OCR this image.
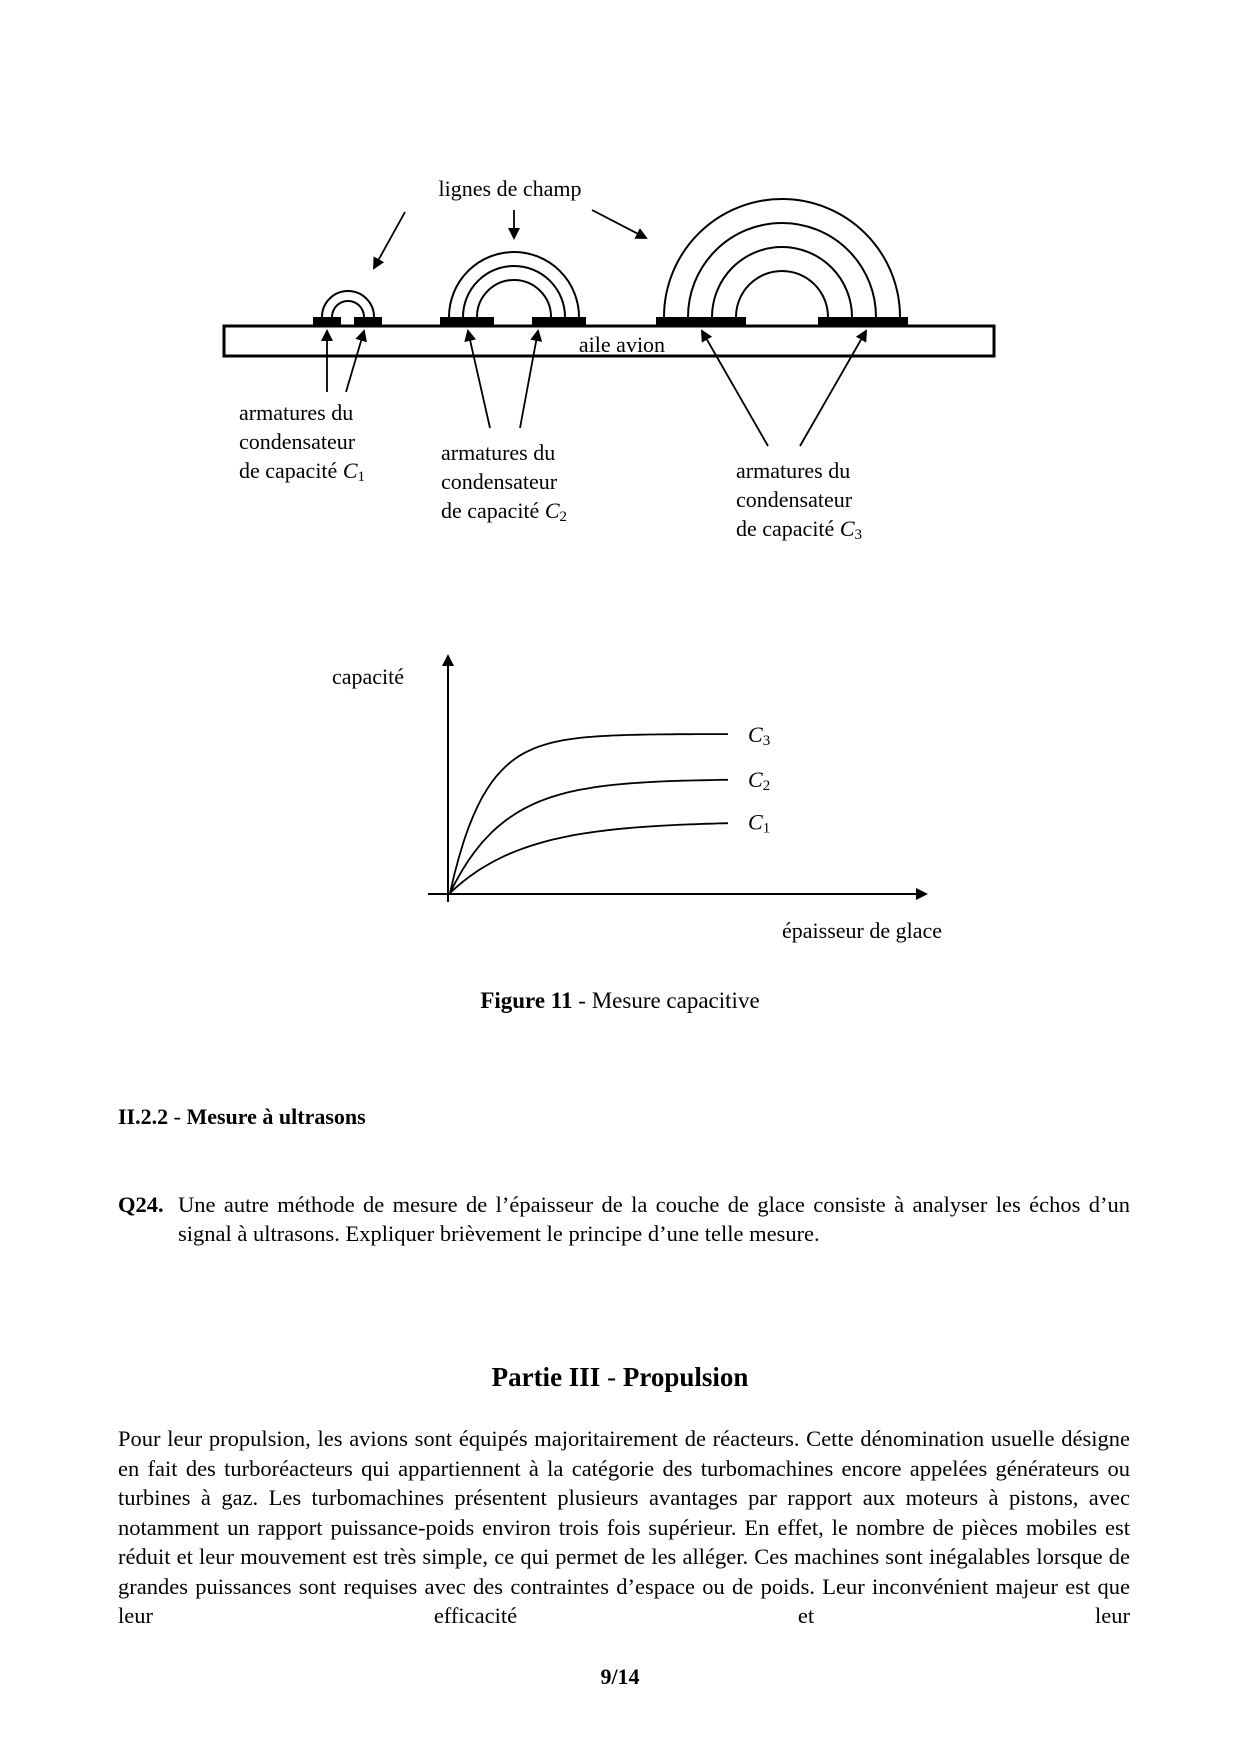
aile avion
lignes de champ
armatures du
condensateur
de capacité C1
armatures du
condensateur
de capacité C2
armatures du
condensateur
de capacité C3
capacité
épaisseur de glace
C3
C2
C1
Figure 11 - Mesure capacitive
II.2.2 - Mesure à ultrasons
Q24. Une autre méthode de mesure de l’épaisseur de la couche de glace consiste à analyser les échos d’un signal à ultrasons. Expliquer brièvement le principe d’une telle mesure.
Partie III - Propulsion
Pour leur propulsion, les avions sont équipés majoritairement de réacteurs. Cette dénomination usuelle désigne en fait des turboréacteurs qui appartiennent à la catégorie des turbomachines encore appelées générateurs ou turbines à gaz. Les turbomachines présentent plusieurs avantages par rapport aux moteurs à pistons, avec notamment un rapport puissance-poids environ trois fois supérieur. En effet, le nombre de pièces mobiles est réduit et leur mouvement est très simple, ce qui permet de les alléger. Ces machines sont inégalables lorsque de grandes puissances sont requises avec des contraintes d’espace ou de poids. Leur inconvénient majeur est que leur efficacité et leur
9/14
